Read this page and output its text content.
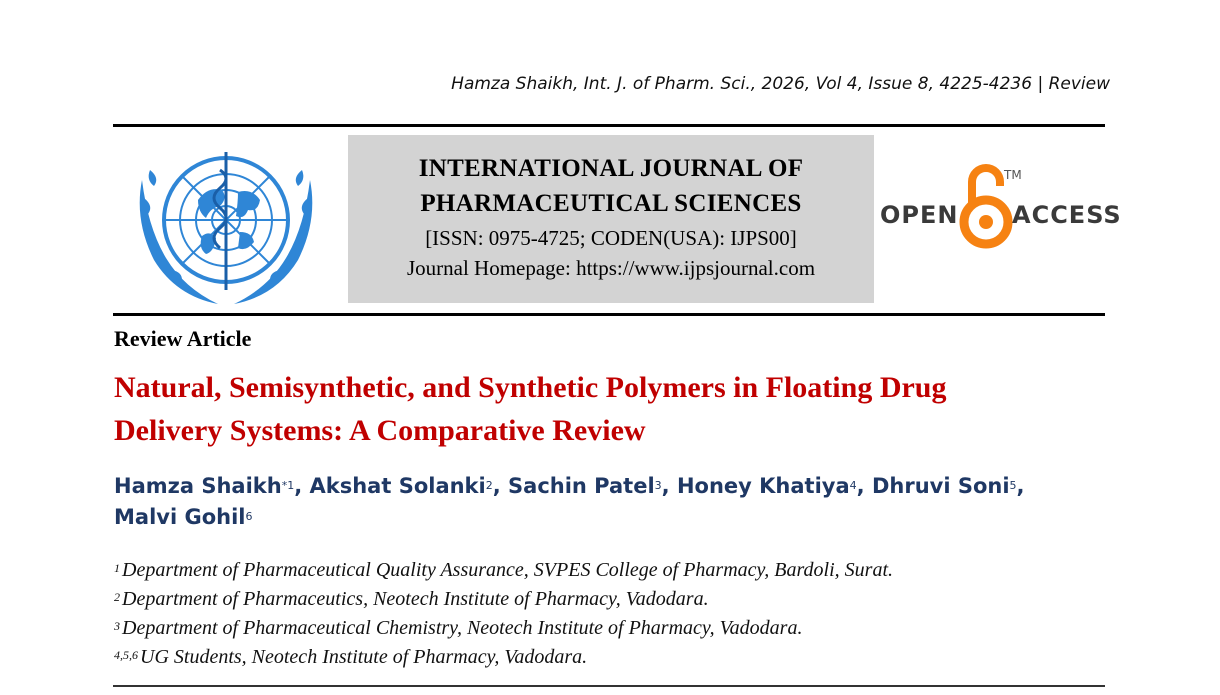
Hamza Shaikh, Int. J. of Pharm. Sci., 2026, Vol 4, Issue 8, 4225-4236 | Review
INTERNATIONAL JOURNAL OF
PHARMACEUTICAL SCIENCES
[ISSN: 0975-4725; CODEN(USA): IJPS00]
Journal Homepage: https://www.ijpsjournal.com
OPEN
TM
ACCESS
Review Article
Natural, Semisynthetic, and Synthetic Polymers in Floating Drug
Delivery Systems: A Comparative Review
Hamza Shaikh$^{*1}$, Akshat Solanki$^2$, Sachin Patel$^3$, Honey Khatiya$^4$, Dhruvi Soni$^5$,
Malvi Gohil$^6$
$^1$ Department of Pharmaceutical Quality Assurance, SVPES College of Pharmacy, Bardoli, Surat.
$^2$ Department of Pharmaceutics, Neotech Institute of Pharmacy, Vadodara.
$^3$ Department of Pharmaceutical Chemistry, Neotech Institute of Pharmacy, Vadodara.
$^{4,5,6}$ UG Students, Neotech Institute of Pharmacy, Vadodara.
